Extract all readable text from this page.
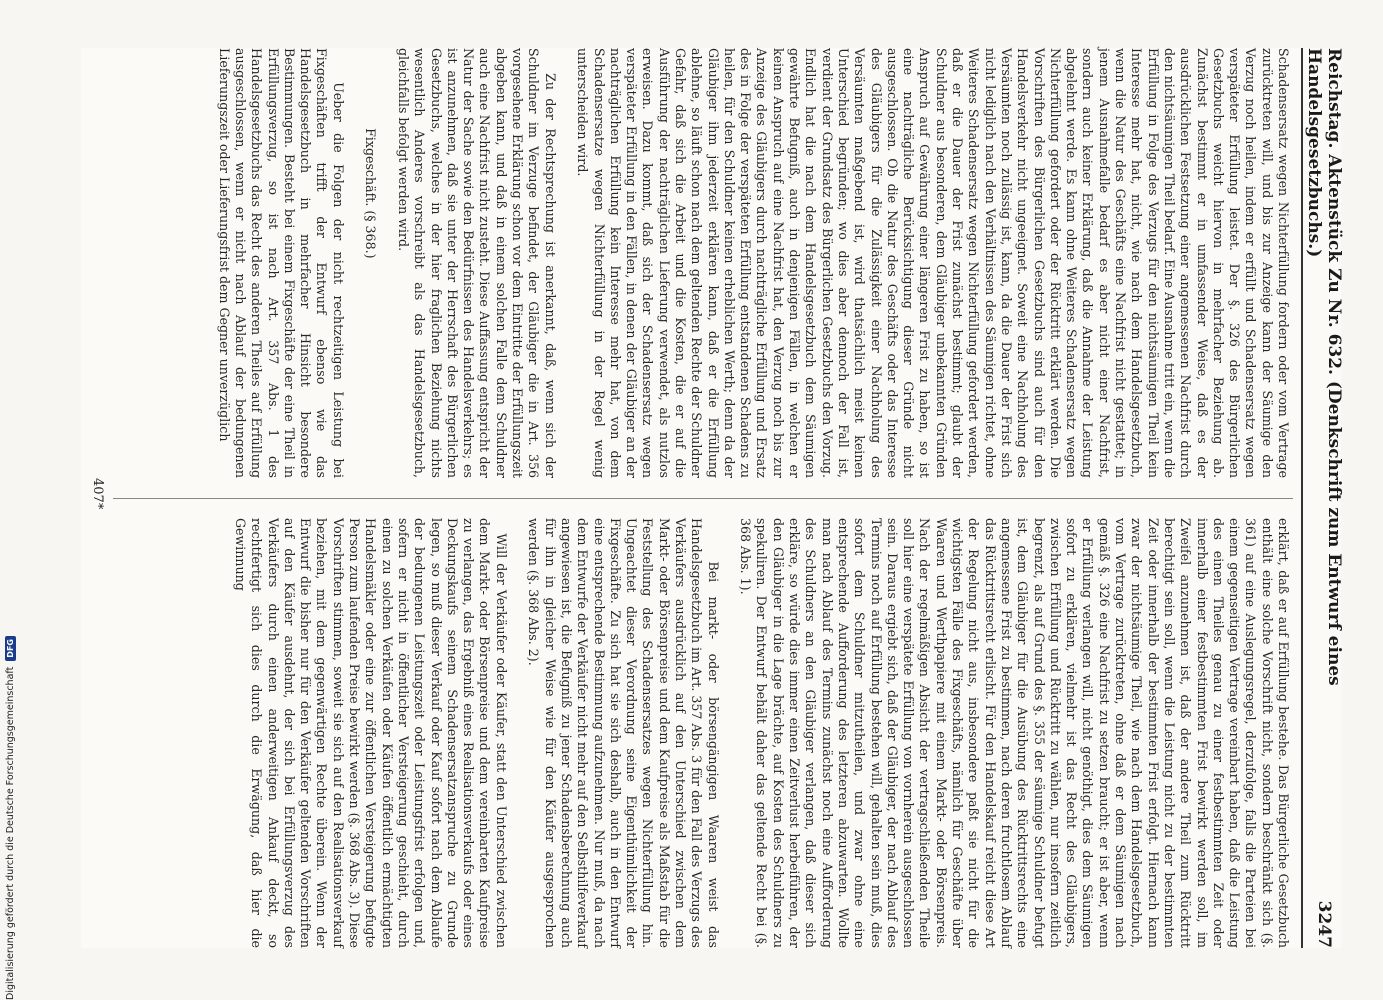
Digitalisierung gefördert durch die Deutsche Forschungsgemeinschaft
DFG	Reichstag. Aktenstück Zu Nr. 632. (Denkschrift zum Entwurf eines Handelsgesetzbuchs.)
3247
Schadensersatz wegen Nichterfüllung fordern oder vom Vertrage zurücktreten will, und bis zur Anzeige kann der Säumige den Verzug noch heilen, indem er erfüllt und Schadensersatz wegen verspäteter Erfüllung leistet. Der §. 326 des Bürgerlichen Gesetzbuchs weicht hiervon in mehrfacher Beziehung ab. Zunächst bestimmt er in umfassender Weise, daß es der ausdrücklichen Festsetzung einer angemessenen Nachfrist durch den nichtsäumigen Theil bedarf. Eine Ausnahme tritt ein, wenn die Erfüllung in Folge des Verzugs für den nichtsäumigen Theil kein Interesse mehr hat, nicht, wie nach dem Handelsgesetzbuch, wenn die Natur des Geschäfts eine Nachfrist nicht gestattet; in jenem Ausnahmefalle bedarf es aber nicht einer Nachfrist, sondern auch keiner Erklärung, daß die Annahme der Leistung abgelehnt werde. Es kann ohne Weiteres Schadensersatz wegen Nichterfüllung gefordert oder der Rücktritt erklärt werden. Die Vorschriften des Bürgerlichen Gesetzbuchs sind auch für den Handelsverkehr nicht ungeeignet. Soweit eine Nachholung des Versäumten noch zulässig ist, kann, da die Dauer der Frist sich nicht lediglich nach den Verhältnissen des Säumigen richtet, ohne Weiteres Schadensersatz wegen Nichterfüllung gefordert werden, daß er die Dauer der Frist zunächst bestimmt; glaubt der Schuldner aus besonderen, dem Gläubiger unbekannten Gründen Anspruch auf Gewährung einer längeren Frist zu haben, so ist eine nachträgliche Berücksichtigung dieser Gründe nicht ausgeschlossen. Ob die Natur des Geschäfts oder das Interesse des Gläubigers für die Zulässigkeit einer Nachholung des Versäumten maßgebend ist, wird thatsächlich meist keinen Unterschied begründen; wo dies aber dennoch der Fall ist, verdient der Grundsatz des Bürgerlichen Gesetzbuchs den Vorzug. Endlich hat die nach dem Handelsgesetzbuch dem Säumigen gewährte Befugniß, auch in denjenigen Fällen, in welchen er keinen Anspruch auf eine Nachfrist hat, den Verzug noch bis zur Anzeige des Gläubigers durch nachträgliche Erfüllung und Ersatz des in Folge der verspäteten Erfüllung entstandenen Schadens zu heilen, für den Schuldner keinen erheblichen Werth; denn da der Gläubiger ihm jederzeit erklären kann, daß er die Erfüllung ablehne, so läuft schon nach dem geltenden Rechte der Schuldner Gefahr, daß sich die Arbeit und die Kosten, die er auf die Ausführung der nachträglichen Lieferung verwendet, als nutzlos erweisen. Dazu kommt, daß sich der Schadensersatz wegen verspäteter Erfüllung in den Fällen, in denen der Gläubiger an der nachträglichen Erfüllung kein Interesse mehr hat, von dem Schadensersatze wegen Nichterfüllung in der Regel wenig unterscheiden wird.

Zu der Rechtsprechung ist anerkannt, daß, wenn sich der Schuldner im Verzuge befindet, der Gläubiger die in Art. 356 vorgesehene Erklärung schon vor dem Eintritte der Erfüllungszeit abgeben kann, und daß in einem solchen Falle dem Schuldner auch eine Nachfrist nicht zusteht. Diese Auffassung entspricht der Natur der Sache sowie den Bedürfnissen des Handelsverkehrs; es ist anzunehmen, daß sie unter der Herrschaft des Bürgerlichen Gesetzbuchs, welches in der hier fraglichen Beziehung nichts wesentlich Anderes vorschreibt als das Handelsgesetzbuch, gleichfalls befolgt werden wird.

Fixgeschäft. (§ 368.)

Ueber die Folgen der nicht rechtzeitigen Leistung bei Fixgeschäften trifft der Entwurf ebenso wie das Handelsgesetzbuch in mehrfacher Hinsicht besondere Bestimmungen. Besteht bei einem Fixgeschäfte der eine Theil in Erfüllungsverzug, so ist nach Art. 357 Abs. 1 des Handelsgesetzbuchs das Recht des anderen Theiles auf Erfüllung ausgeschlossen, wenn er nicht nach Ablauf der bedungenen Lieferungszeit oder Lieferungsfrist dem Gegner unverzüglich
erklärt, daß er auf Erfüllung bestehe. Das Bürgerliche Gesetzbuch enthält eine solche Vorschrift nicht, sondern beschränkt sich (§. 361) auf eine Auslegungsregel, derzufolge, falls die Parteien bei einem gegenseitigen Vertrage vereinbart haben, daß die Leistung des einen Theiles genau zu einer festbestimmten Zeit oder innerhalb einer festbestimmten Frist bewirkt werden soll, im Zweifel anzunehmen ist, daß der andere Theil zum Rücktritt berechtigt sein soll, wenn die Leistung nicht zu der bestimmten Zeit oder innerhalb der bestimmten Frist erfolgt. Hiernach kann zwar der nichtsäumige Theil, wie nach dem Handelsgesetzbuch, vom Vertrage zurücktreten, ohne daß er dem Säumigen nach gemäß §. 326 eine Nachfrist zu setzen braucht; er ist aber, wenn er Erfüllung verlangen will, nicht genöthigt, dies dem Säumigen sofort zu erklären, vielmehr ist das Recht des Gläubigers, zwischen Erfüllung und Rücktritt zu wählen, nur insofern zeitlich begrenzt, als auf Grund des §. 355 der säumige Schuldner befugt ist, dem Gläubiger für die Ausübung des Rücktrittsrechts eine angemessene Frist zu bestimmen, nach deren fruchtlosem Ablauf das Rücktrittsrecht erlischt. Für den Handelskauf reicht diese Art der Regelung nicht aus, insbesondere paßt sie nicht für die wichtigsten Fälle des Fixgeschäfts, nämlich für Geschäfte über Waaren und Werthpapiere mit einem Markt- oder Börsenpreis. Nach der regelmäßigen Absicht der vertragschließenden Theile soll hier eine verspätete Erfüllung von vornherein ausgeschlossen sein. Daraus ergiebt sich, daß der Gläubiger, der nach Ablauf des Termins noch auf Erfüllung bestehen will, gehalten sein muß, dies sofort dem Schuldner mitzutheilen, und zwar ohne eine entsprechende Aufforderung des letzteren abzuwarten. Wollte man nach Ablauf des Termins zunächst noch eine Aufforderung des Schuldners an den Gläubiger verlangen, daß dieser sich erkläre, so würde dies immer einen Zeitverlust herbeiführen, der den Gläubiger in die Lage brächte, auf Kosten des Schuldners zu spekuliren. Der Entwurf behält daher das geltende Recht bei (§. 368 Abs. 1).

Bei markt- oder börsengängigen Waaren weist das Handelsgesetzbuch im Art. 357 Abs. 3 für den Fall des Verzugs des Verkäufers ausdrücklich auf den Unterschied zwischen dem Markt- oder Börsenpreise und dem Kaufpreise als Maßstab für die Feststellung des Schadensersatzes wegen Nichterfüllung hin. Ungeachtet dieser Verordnung seine Eigenthümlichkeit der Fixgeschäfte. Zu sich hat sie sich deshalb, auch in den Entwurf eine entsprechende Bestimmung aufzunehmen. Nur muß, da nach dem Entwurfe der Verkäufer nicht mehr auf den Selbsthilfeverkauf angewiesen ist, die Befugniß zu jener Schadensberechnung auch für ihn in gleicher Weise wie für den Käufer ausgesprochen werden (§. 368 Abs. 2).

Will der Verkäufer oder Käufer, statt den Unterschied zwischen dem Markt- oder Börsenpreise und dem vereinbarten Kaufpreise zu verlangen, das Ergebniß eines Realisationsverkaufs oder eines Deckungskaufs seinem Schadensersatzanspruche zu Grunde legen, so muß dieser Verkauf oder Kauf sofort nach dem Ablaufe der bedungenen Leistungszeit oder Leistungsfrist erfolgen und, sofern er nicht in öffentlicher Versteigerung geschieht, durch einen zu solchen Verkäufen oder Käufen öffentlich ermächtigten Handelsmäkler oder eine zur öffentlichen Versteigerung befugte Person zum laufenden Preise bewirkt werden (§. 368 Abs. 3). Diese Vorschriften stimmen, soweit sie sich auf den Realisationsverkauf beziehen, mit dem gegenwärtigen Rechte überein. Wenn der Entwurf die bisher nur für den Verkäufer geltenden Vorschriften auf den Käufer ausdehnt, der sich bei Erfüllungsverzug des Verkäufers durch einen anderweitigen Ankauf deckt, so rechtfertigt sich dies durch die Erwägung, daß hier die Gewinnung
407*
